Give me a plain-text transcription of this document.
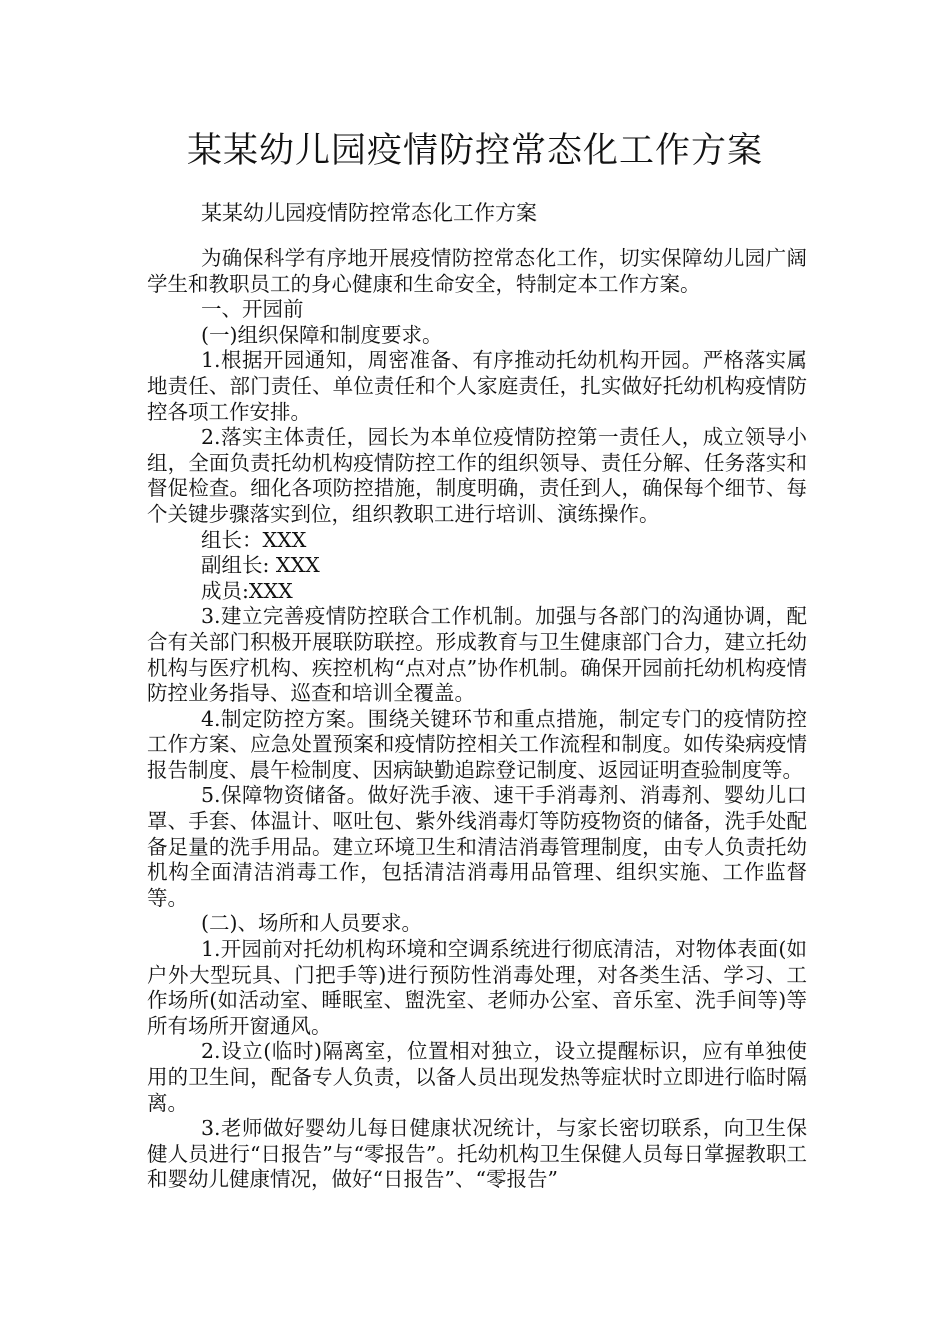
某某幼儿园疫情防控常态化工作方案

某某幼儿园疫情防控常态化工作方案

为确保科学有序地开展疫情防控常态化工作，切实保障幼儿园广阔学生和教职员工的身心健康和生命安全，特制定本工作方案。

一、开园前

(一)组织保障和制度要求。

1.根据开园通知，周密准备、有序推动托幼机构开园。严格落实属地责任、部门责任、单位责任和个人家庭责任，扎实做好托幼机构疫情防控各项工作安排。

2.落实主体责任，园长为本单位疫情防控第一责任人，成立领导小组，全面负责托幼机构疫情防控工作的组织领导、责任分解、任务落实和督促检查。细化各项防控措施，制度明确，责任到人，确保每个细节、每个关键步骤落实到位，组织教职工进行培训、演练操作。

组长：XXX

副组长: XXX

成员:XXX

3.建立完善疫情防控联合工作机制。加强与各部门的沟通协调，配合有关部门积极开展联防联控。形成教育与卫生健康部门合力，建立托幼机构与医疗机构、疾控机构“点对点”协作机制。确保开园前托幼机构疫情防控业务指导、巡查和培训全覆盖。

4.制定防控方案。围绕关键环节和重点措施，制定专门的疫情防控工作方案、应急处置预案和疫情防控相关工作流程和制度。如传染病疫情报告制度、晨午检制度、因病缺勤追踪登记制度、返园证明查验制度等。

5.保障物资储备。做好洗手液、速干手消毒剂、消毒剂、婴幼儿口罩、手套、体温计、呕吐包、紫外线消毒灯等防疫物资的储备，洗手处配备足量的洗手用品。建立环境卫生和清洁消毒管理制度，由专人负责托幼机构全面清洁消毒工作，包括清洁消毒用品管理、组织实施、工作监督等。

(二)、场所和人员要求。

1.开园前对托幼机构环境和空调系统进行彻底清洁，对物体表面(如户外大型玩具、门把手等)进行预防性消毒处理，对各类生活、学习、工作场所(如活动室、睡眠室、盥洗室、老师办公室、音乐室、洗手间等)等所有场所开窗通风。

2.设立(临时)隔离室，位置相对独立，设立提醒标识，应有单独使用的卫生间，配备专人负责，以备人员出现发热等症状时立即进行临时隔离。

3.老师做好婴幼儿每日健康状况统计，与家长密切联系，向卫生保健人员进行“日报告”与“零报告”。托幼机构卫生保健人员每日掌握教职工和婴幼儿健康情况，做好“日报告”、“零报告”
